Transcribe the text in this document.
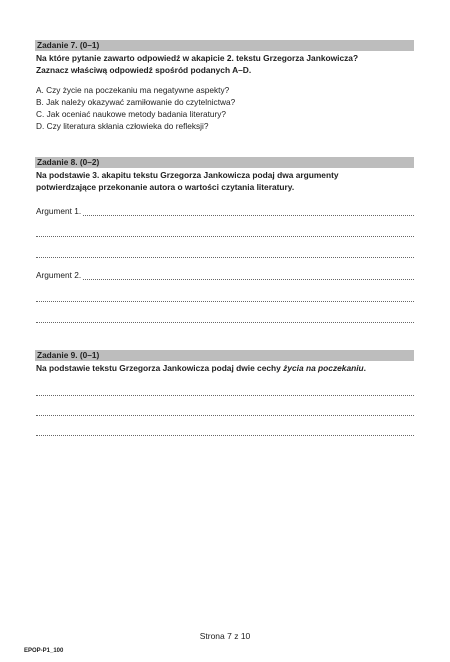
Zadanie 7. (0–1)
Na które pytanie zawarto odpowiedź w akapicie 2. tekstu Grzegorza Jankowicza?
Zaznacz właściwą odpowiedź spośród podanych A–D.
A. Czy życie na poczekaniu ma negatywne aspekty?
B. Jak należy okazywać zamiłowanie do czytelnictwa?
C. Jak oceniać naukowe metody badania literatury?
D. Czy literatura skłania człowieka do refleksji?
Zadanie 8. (0–2)
Na podstawie 3. akapitu tekstu Grzegorza Jankowicza podaj dwa argumenty
potwierdzające przekonanie autora o wartości czytania literatury.
Argument 1.
Argument 2.
Zadanie 9. (0–1)
Na podstawie tekstu Grzegorza Jankowicza podaj dwie cechy życia na poczekaniu.
Strona 7 z 10
EPOP-P1_100
